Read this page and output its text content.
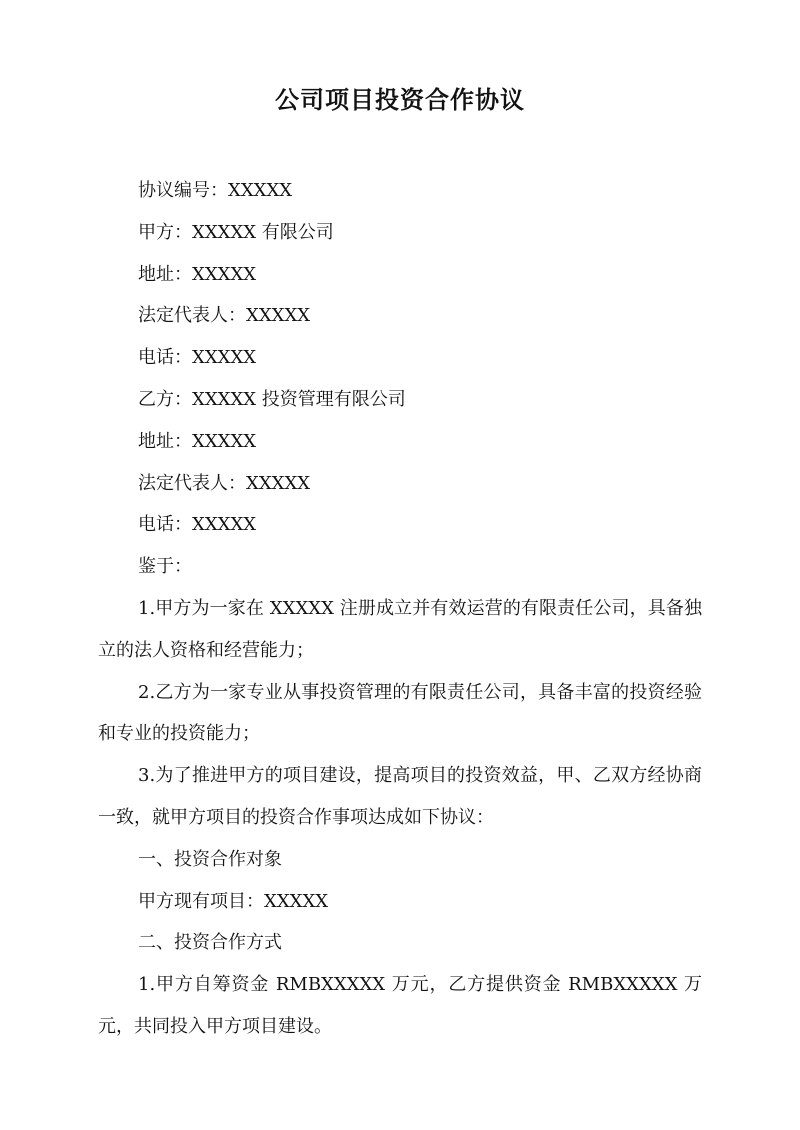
公司项目投资合作协议

协议编号：XXXXX

甲方：XXXXX 有限公司

地址：XXXXX

法定代表人：XXXXX

电话：XXXXX

乙方：XXXXX 投资管理有限公司

地址：XXXXX

法定代表人：XXXXX

电话：XXXXX

鉴于：

1.甲方为一家在 XXXXX 注册成立并有效运营的有限责任公司，具备独立的法人资格和经营能力；

2.乙方为一家专业从事投资管理的有限责任公司，具备丰富的投资经验和专业的投资能力；

3.为了推进甲方的项目建设，提高项目的投资效益，甲、乙双方经协商一致，就甲方项目的投资合作事项达成如下协议：

一、投资合作对象

甲方现有项目：XXXXX

二、投资合作方式

1.甲方自筹资金 RMBXXXXX 万元，乙方提供资金 RMBXXXXX 万元，共同投入甲方项目建设。
